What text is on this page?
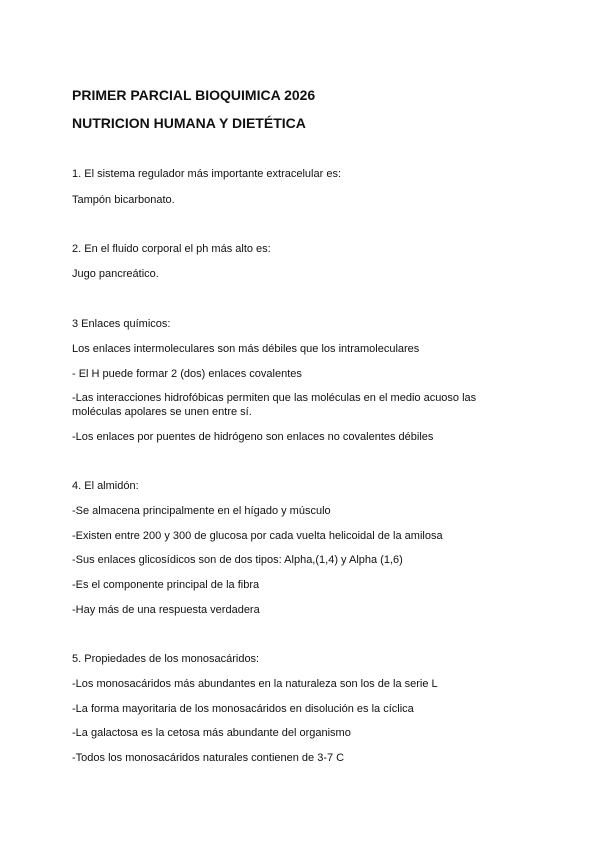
PRIMER PARCIAL BIOQUIMICA 2026
NUTRICION HUMANA Y DIETÉTICA
1. El sistema regulador más importante extracelular es:
Tampón bicarbonato.
2. En el fluido corporal el ph más alto es:
Jugo pancreático.
3 Enlaces químicos:
Los enlaces intermoleculares son más débiles que los intramoleculares
- El H puede formar 2 (dos) enlaces covalentes
-Las interacciones hidrofóbicas permiten que las moléculas en el medio acuoso las moléculas apolares se unen entre sí.
-Los enlaces por puentes de hidrógeno son enlaces no covalentes débiles
4. El almidón:
-Se almacena principalmente en el hígado y músculo
-Existen entre 200 y 300 de glucosa por cada vuelta helicoidal de la amilosa
-Sus enlaces glicosídicos son de dos tipos: Alpha,(1,4) y Alpha (1,6)
-Es el componente principal de la fibra
-Hay más de una respuesta verdadera
5. Propiedades de los monosacáridos:
-Los monosacáridos más abundantes en la naturaleza son los de la serie L
-La forma mayoritaria de los monosacáridos en disolución es la cíclica
-La galactosa es la cetosa más abundante del organismo
-Todos los monosacáridos naturales contienen de 3-7 C
